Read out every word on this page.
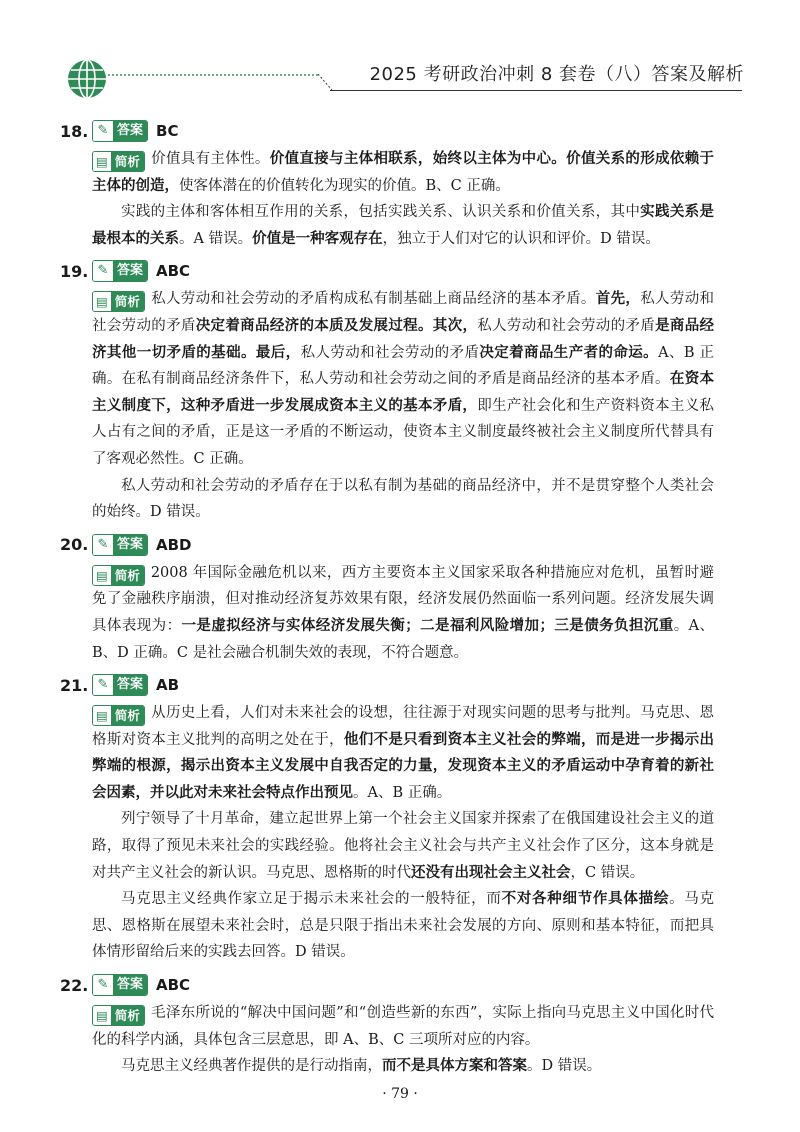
2025 考研政治冲刺 8 套卷（八）答案及解析
18. ✎ 答案 BC

▤ 简析 价值具有主体性。价值直接与主体相联系，始终以主体为中心。价值关系的形成依赖于主体的创造，使客体潜在的价值转化为现实的价值。B、C 正确。

实践的主体和客体相互作用的关系，包括实践关系、认识关系和价值关系，其中实践关系是最根本的关系。A 错误。价值是一种客观存在，独立于人们对它的认识和评价。D 错误。

19. ✎ 答案 ABC

▤ 简析 私人劳动和社会劳动的矛盾构成私有制基础上商品经济的基本矛盾。首先，私人劳动和社会劳动的矛盾决定着商品经济的本质及发展过程。其次，私人劳动和社会劳动的矛盾是商品经济其他一切矛盾的基础。最后，私人劳动和社会劳动的矛盾决定着商品生产者的命运。A、B 正确。在私有制商品经济条件下，私人劳动和社会劳动之间的矛盾是商品经济的基本矛盾。在资本主义制度下，这种矛盾进一步发展成资本主义的基本矛盾，即生产社会化和生产资料资本主义私人占有之间的矛盾，正是这一矛盾的不断运动，使资本主义制度最终被社会主义制度所代替具有了客观必然性。C 正确。

私人劳动和社会劳动的矛盾存在于以私有制为基础的商品经济中，并不是贯穿整个人类社会的始终。D 错误。

20. ✎ 答案 ABD

▤ 简析 2008 年国际金融危机以来，西方主要资本主义国家采取各种措施应对危机，虽暂时避免了金融秩序崩溃，但对推动经济复苏效果有限，经济发展仍然面临一系列问题。经济发展失调具体表现为：一是虚拟经济与实体经济发展失衡；二是福利风险增加；三是债务负担沉重。A、B、D 正确。C 是社会融合机制失效的表现，不符合题意。

21. ✎ 答案 AB

▤ 简析 从历史上看，人们对未来社会的设想，往往源于对现实问题的思考与批判。马克思、恩格斯对资本主义批判的高明之处在于，他们不是只看到资本主义社会的弊端，而是进一步揭示出弊端的根源，揭示出资本主义发展中自我否定的力量，发现资本主义的矛盾运动中孕育着的新社会因素，并以此对未来社会特点作出预见。A、B 正确。

列宁领导了十月革命，建立起世界上第一个社会主义国家并探索了在俄国建设社会主义的道路，取得了预见未来社会的实践经验。他将社会主义社会与共产主义社会作了区分，这本身就是对共产主义社会的新认识。马克思、恩格斯的时代还没有出现社会主义社会，C 错误。

马克思主义经典作家立足于揭示未来社会的一般特征，而不对各种细节作具体描绘。马克思、恩格斯在展望未来社会时，总是只限于指出未来社会发展的方向、原则和基本特征，而把具体情形留给后来的实践去回答。D 错误。

22. ✎ 答案 ABC

▤ 简析 毛泽东所说的“解决中国问题”和“创造些新的东西”，实际上指向马克思主义中国化时代化的科学内涵，具体包含三层意思，即 A、B、C 三项所对应的内容。

马克思主义经典著作提供的是行动指南，而不是具体方案和答案。D 错误。

· 79 ·
